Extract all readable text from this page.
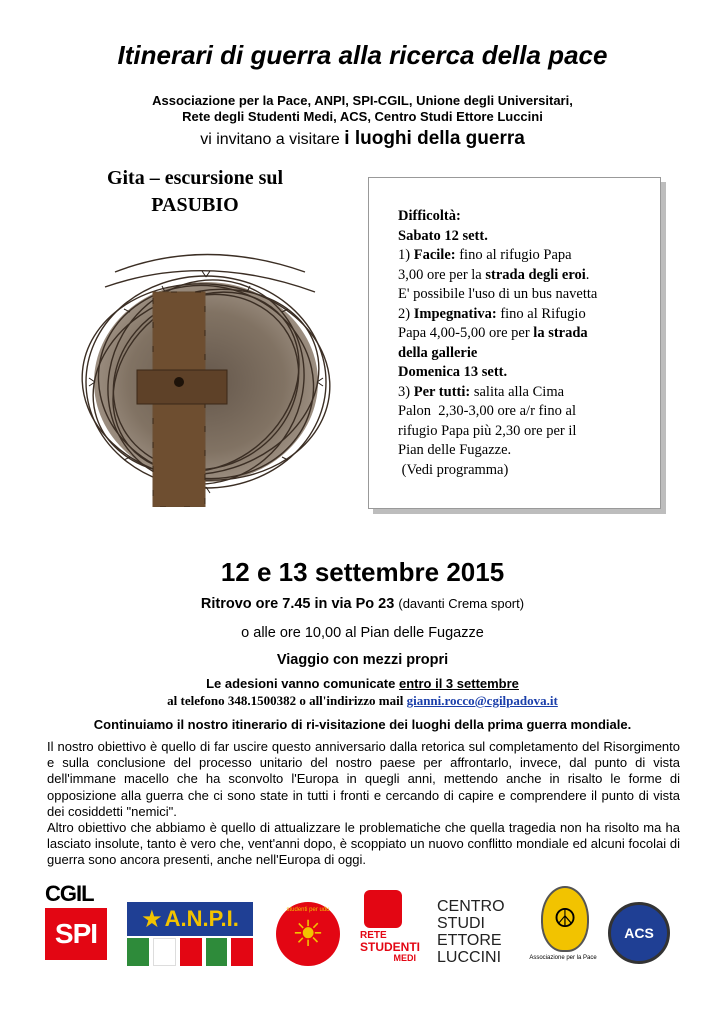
Itinerari di guerra alla ricerca della pace
Associazione per la Pace, ANPI, SPI-CGIL, Unione degli Universitari,
Rete degli Studenti Medi, ACS, Centro Studi Ettore Luccini
vi invitano a visitare i luoghi della guerra
Gita – escursione sul
PASUBIO	Difficoltà:
Sabato 12 sett.
1) Facile: fino al rifugio Papa
3,00 ore per la strada degli eroi.
E' possibile l'uso di un bus navetta
2) Impegnativa: fino al Rifugio
Papa 4,00-5,00 ore per la strada
della gallerie
Domenica 13 sett.
3) Per tutti: salita alla Cima
Palon  2,30-3,00 ore a/r fino al
rifugio Papa più 2,30 ore per il
Pian delle Fugazze.
(Vedi programma)
12 e 13 settembre 2015
Ritrovo ore 7.45 in via Po 23 (davanti Crema sport)
o alle ore 10,00 al Pian delle Fugazze
Viaggio con mezzi propri
Le adesioni vanno comunicate entro il 3 settembre
al telefono 348.1500382 o all'indirizzo mail gianni.rocco@cgilpadova.it
Continuiamo il nostro itinerario di ri-visitazione dei luoghi della prima guerra mondiale.

Il nostro obiettivo è quello di far uscire questo anniversario dalla retorica sul completamento del Risorgimento e sulla conclusione del processo unitario del nostro paese per affrontarlo, invece, dal punto di vista dell'immane macello che ha sconvolto l'Europa in quegli anni, mettendo anche in risalto le forme di opposizione alla guerra che ci sono state in tutti i fronti e cercando di capire e comprendere il punto di vista dei cosiddetti "nemici".

Altro obiettivo che abbiamo è quello di attualizzare le problematiche che quella tragedia non ha risolto ma ha lasciato insolute, tanto è vero che, vent'anni dopo, è scoppiato un nuovo conflitto mondiale ed alcuni focolai di guerra sono ancora presenti, anche nell'Europa di oggi.

CGIL
SPI ★ A.N.P.I. ☀
studenti per udu
RETE
STUDENTI
MEDI
CENTRO
STUDI
ETTORE
LUCCINI
☮
Associazione per la Pace
ACS
